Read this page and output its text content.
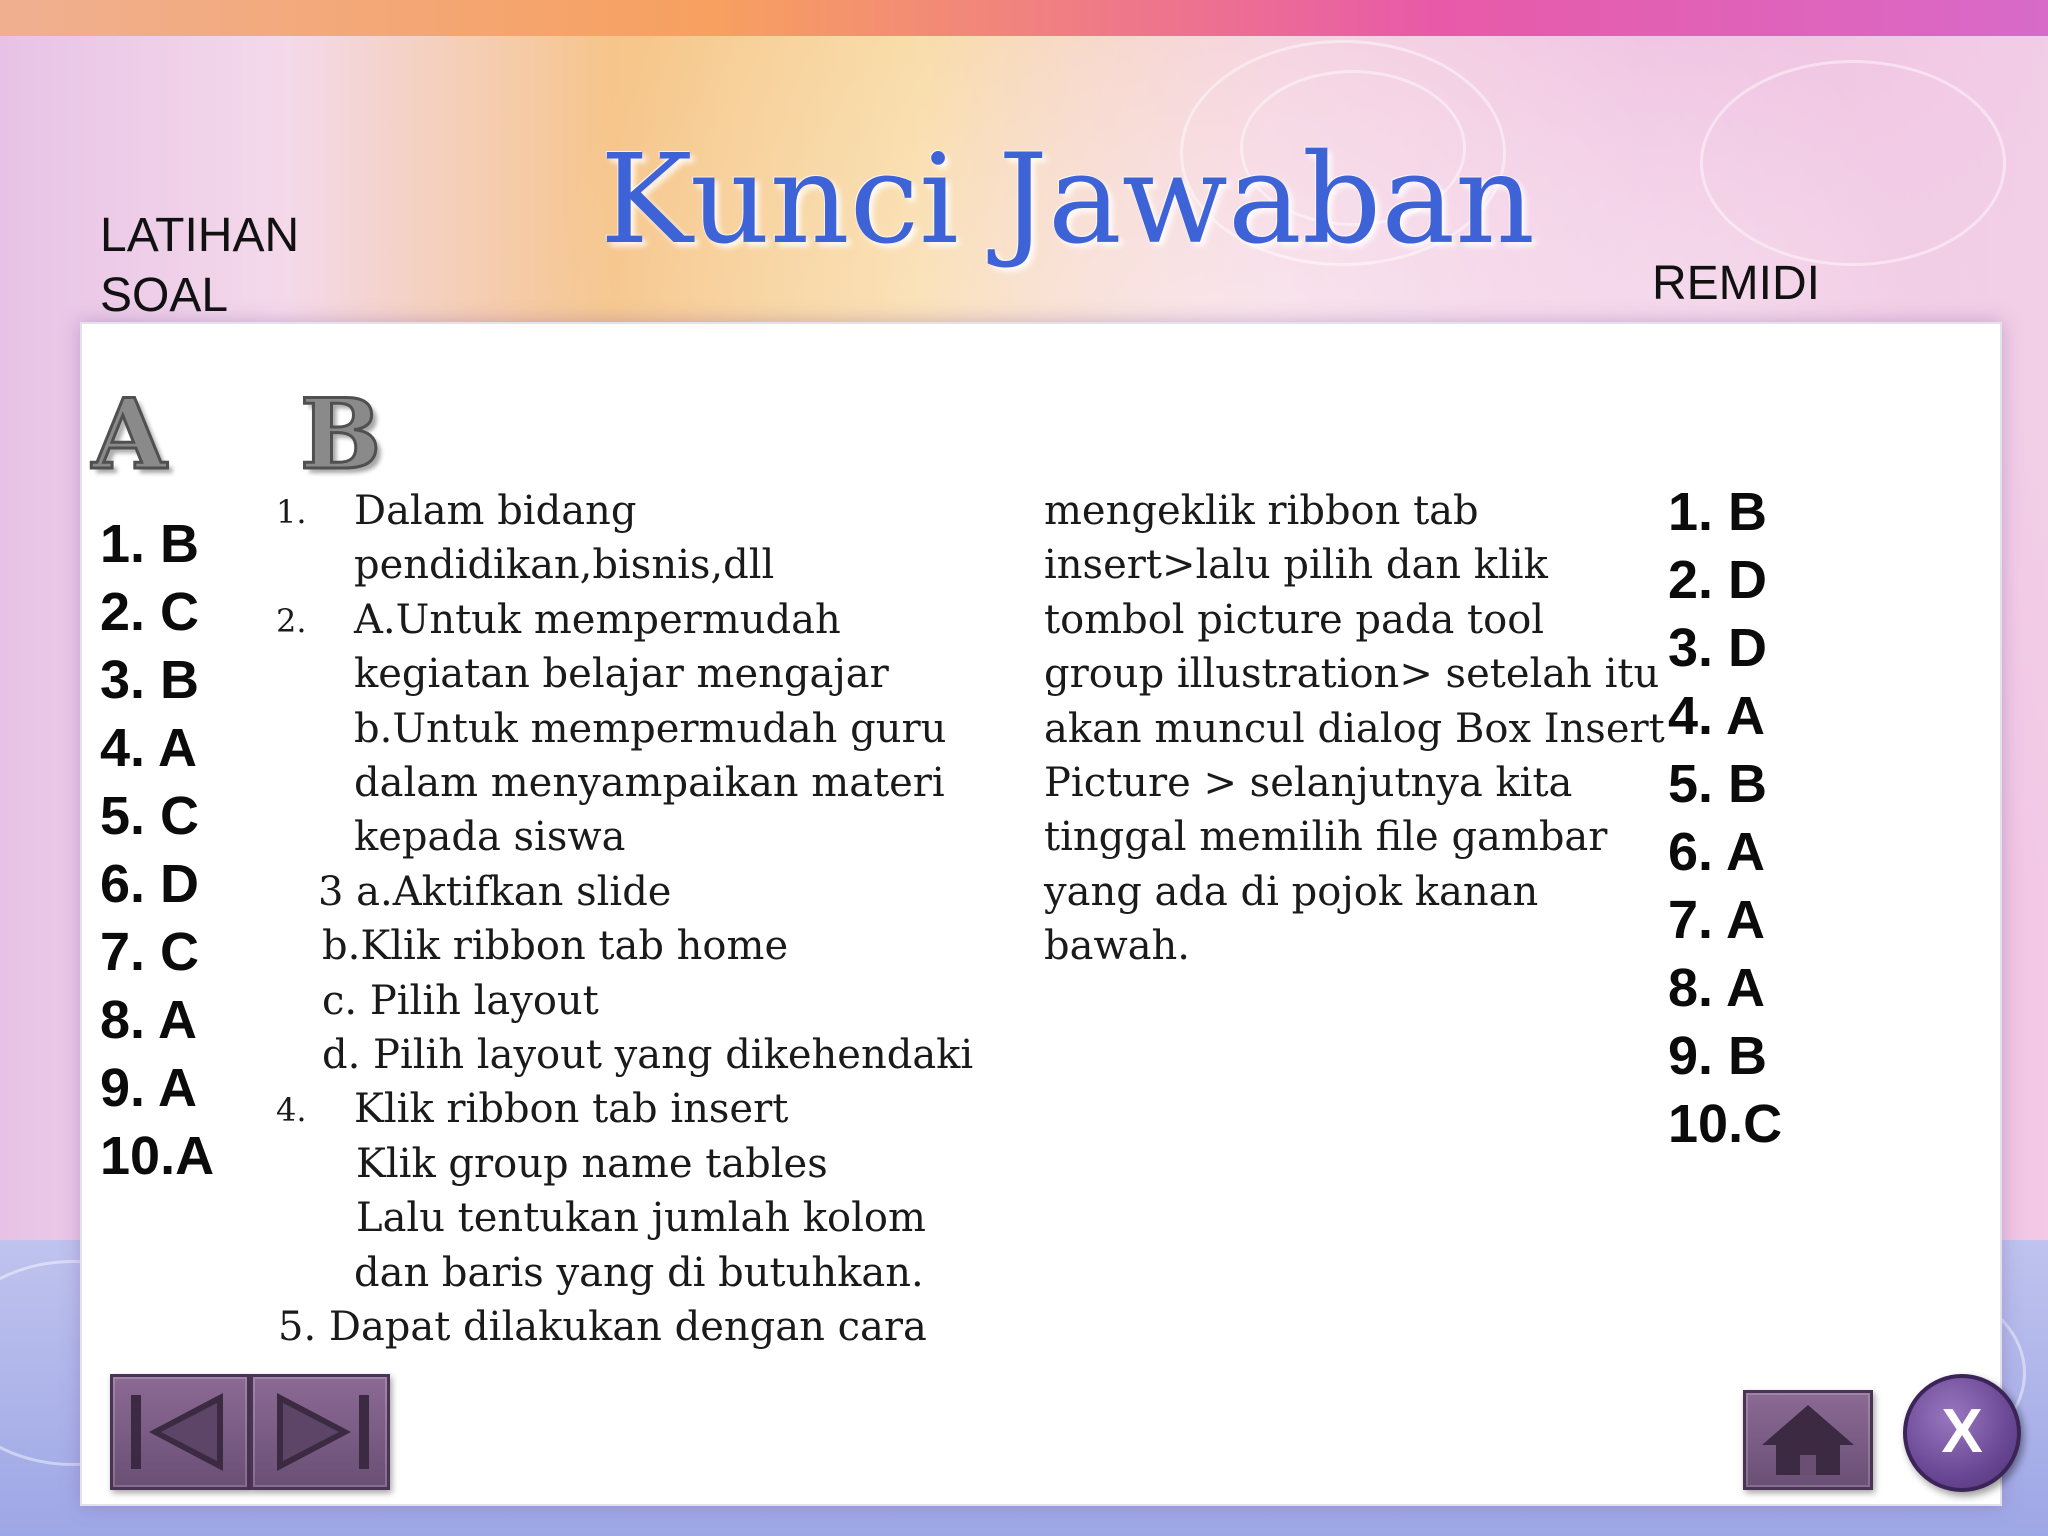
Kunci Jawaban
LATIHAN SOAL	REMIDI
A B
1. B
2. C
3. B
4. A
5. C
6. D
7. C
8. A
9. A
10.A
1. B
2. D
3. D
4. A
5. B
6. A
7. A
8. A
9. B
10.C
1. Dalam bidang
pendidikan,bisnis,dll
2. A.Untuk mempermudah
kegiatan belajar mengajar
b.Untuk mempermudah guru
dalam menyampaikan materi
kepada siswa
3 a.Aktifkan slide
b.Klik ribbon tab home
c. Pilih layout
d. Pilih layout yang dikehendaki
4. Klik ribbon tab insert
Klik group name tables
Lalu tentukan jumlah kolom
dan baris yang di butuhkan.
5. Dapat dilakukan dengan cara
mengeklik ribbon tab
insert>lalu pilih dan klik
tombol picture pada tool
group illustration> setelah itu
akan muncul dialog Box Insert
Picture > selanjutnya kita
tinggal memilih file gambar
yang ada di pojok kanan
bawah.
X
